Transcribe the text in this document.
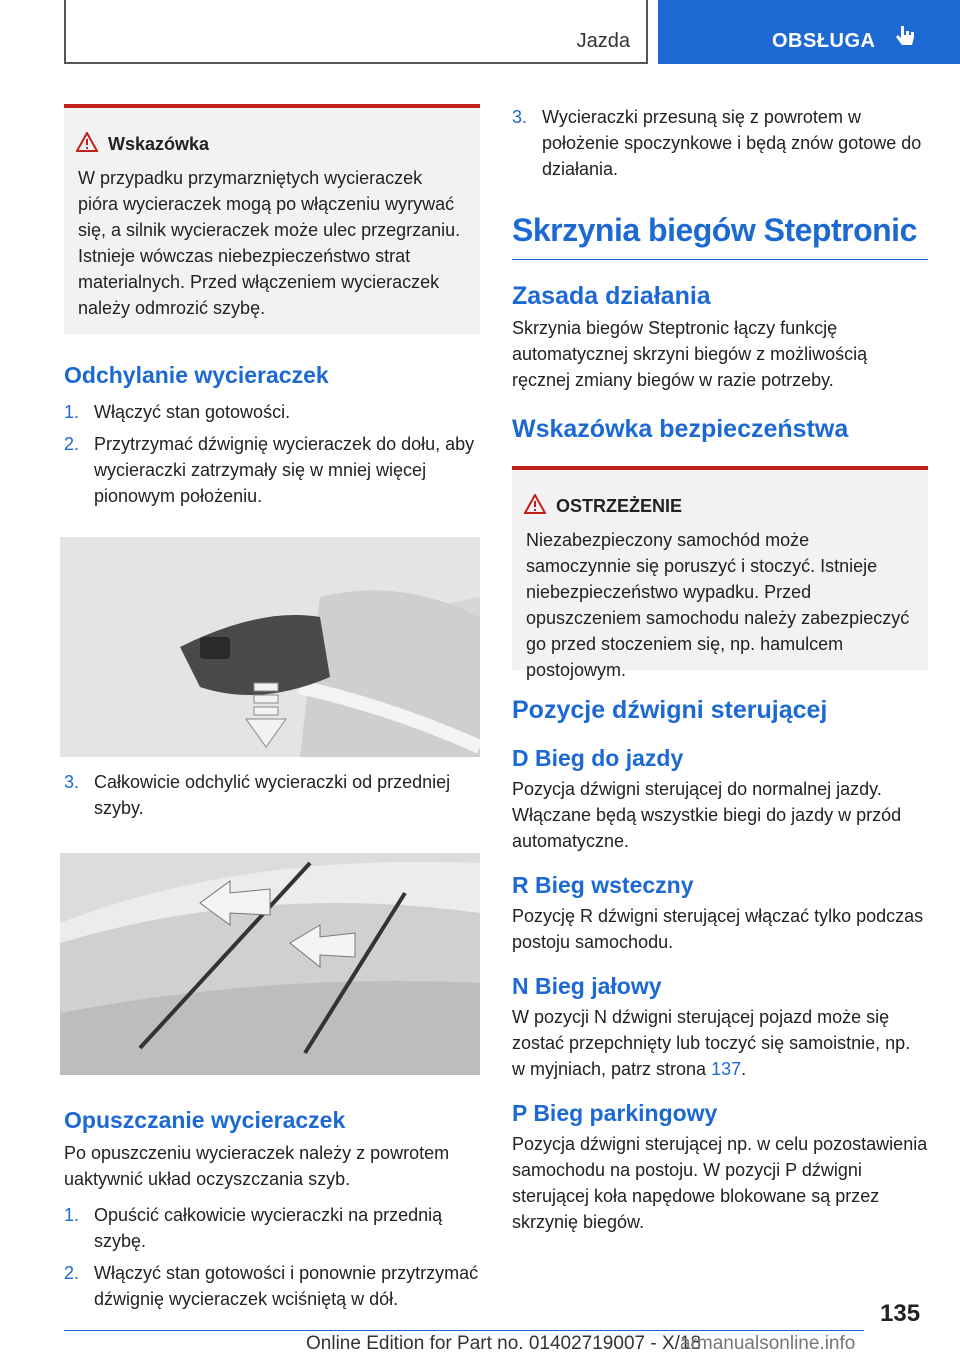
Jazda	OBSŁUGA
Wskazówka
W przypadku przymarzniętych wycieraczek pióra wycieraczek mogą po włączeniu wyrywać się, a silnik wycieraczek może ulec przegrzaniu. Istnieje wówczas niebezpieczeństwo strat materialnych. Przed włączeniem wycieraczek należy odmrozić szybę.
Odchylanie wycieraczek
1. Włączyć stan gotowości.
2. Przytrzymać dźwignię wycieraczek do dołu, aby wycieraczki zatrzymały się w mniej więcej pionowym położeniu.
3. Całkowicie odchylić wycieraczki od przedniej szyby.
Opuszczanie wycieraczek
Po opuszczeniu wycieraczek należy z powrotem uaktywnić układ oczyszczania szyb.
1. Opuścić całkowicie wycieraczki na przednią szybę.
2. Włączyć stan gotowości i ponownie przytrzymać dźwignię wycieraczek wciśniętą w dół.
3. Wycieraczki przesuną się z powrotem w położenie spoczynkowe i będą znów gotowe do działania.
Skrzynia biegów Steptronic
Zasada działania
Skrzynia biegów Steptronic łączy funkcję automatycznej skrzyni biegów z możliwością ręcznej zmiany biegów w razie potrzeby.
Wskazówka bezpieczeństwa
OSTRZEŻENIE
Niezabezpieczony samochód może samoczynnie się poruszyć i stoczyć. Istnieje niebezpieczeństwo wypadku. Przed opuszczeniem samochodu należy zabezpieczyć go przed stoczeniem się, np. hamulcem postojowym.
Pozycje dźwigni sterującej
D Bieg do jazdy
Pozycja dźwigni sterującej do normalnej jazdy. Włączane będą wszystkie biegi do jazdy w przód automatyczne.
R Bieg wsteczny
Pozycję R dźwigni sterującej włączać tylko podczas postoju samochodu.
N Bieg jałowy
W pozycji N dźwigni sterującej pojazd może się zostać przepchnięty lub toczyć się samoistnie, np. w myjniach, patrz strona 137.
P Bieg parkingowy
Pozycja dźwigni sterującej np. w celu pozostawienia samochodu na postoju. W pozycji P dźwigni sterującej koła napędowe blokowane są przez skrzynię biegów.
135
Online Edition for Part no. 01402719007 - X/18
armanualsonline.info
